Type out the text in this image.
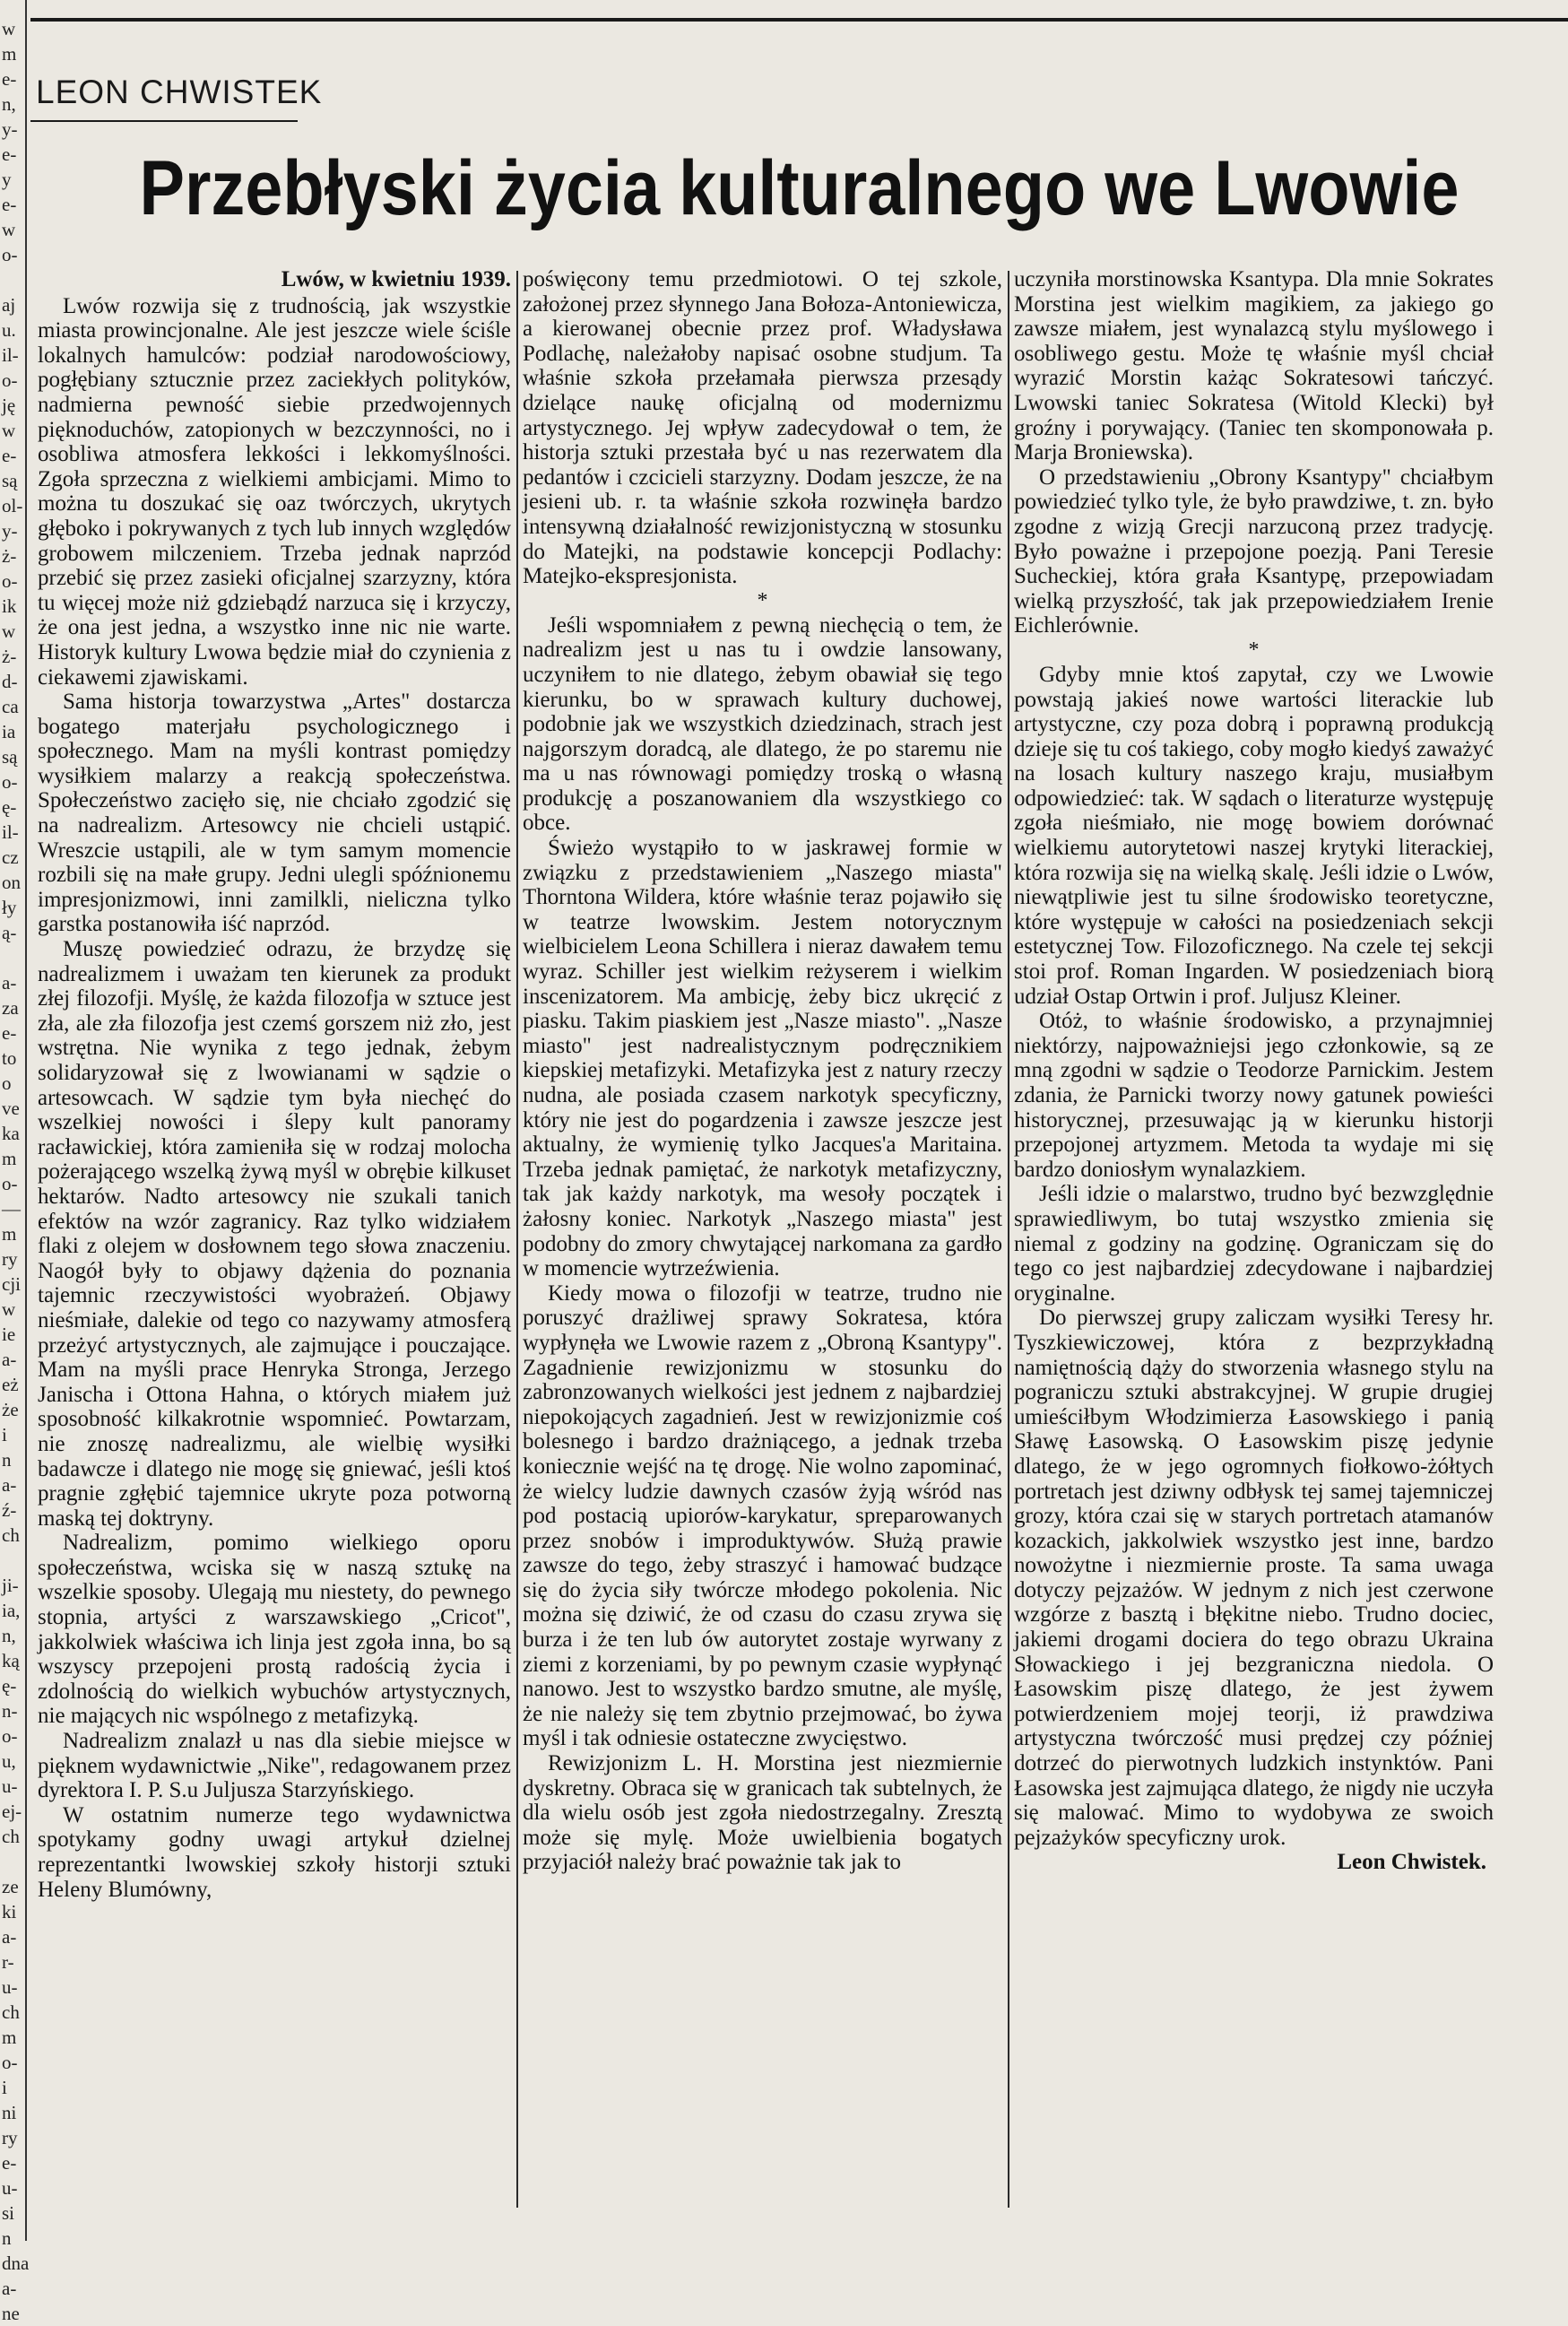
w
m
e-
n,
y-
e-
y
e-
w
o-

aj
u.
il-
o-
ję
w
e-
są
ol-
y-
ż-
o-
ik
w
ż-
d-
ca
ia
są
o-
ę-
il-
cz
on
ły
ą-

a-
za
e-
to
o
ve
ka
m
o-
—
m
ry
cji
w
ie
a-
eż
że
i
n
a-
ź-
ch

ji-
ia,
n,
ką
ę-
n-
o-
u,
u-
ej-
ch

ze
ki
a-
r-
u-
ch
m
o-
i
ni
ry
e-
u-
si
n
dna
a-
ne
LEON CHWISTEK
Przebłyski życia kulturalnego we Lwowie

Lwów, w kwietniu 1939.

Lwów rozwija się z trudnością, jak wszystkie miasta prowincjonalne. Ale jest jeszcze wiele ściśle lokalnych hamulców: podział narodowościowy, pogłębiany sztucznie przez zaciekłych polityków, nadmierna pewność siebie przedwojennych pięknoduchów, zatopionych w bezczynności, no i osobliwa atmosfera lekkości i lekkomyślności. Zgoła sprzeczna z wielkiemi ambicjami. Mimo to można tu doszukać się oaz twórczych, ukrytych głęboko i pokrywanych z tych lub innych względów grobowem milczeniem. Trzeba jednak naprzód przebić się przez zasieki oficjalnej szarzyzny, która tu więcej może niż gdziebądź narzuca się i krzyczy, że ona jest jedna, a wszystko inne nic nie warte. Historyk kultury Lwowa będzie miał do czynienia z ciekawemi zjawiskami.

Sama historja towarzystwa „Artes" dostarcza bogatego materjału psychologicznego i społecznego. Mam na myśli kontrast pomiędzy wysiłkiem malarzy a reakcją społeczeństwa. Społeczeństwo zacięło się, nie chciało zgodzić się na nadrealizm. Artesowcy nie chcieli ustąpić. Wreszcie ustąpili, ale w tym samym momencie rozbili się na małe grupy. Jedni ulegli spóźnionemu impresjonizmowi, inni zamilkli, nieliczna tylko garstka postanowiła iść naprzód.

Muszę powiedzieć odrazu, że brzydzę się nadrealizmem i uważam ten kierunek za produkt złej filozofji. Myślę, że każda filozofja w sztuce jest zła, ale zła filozofja jest czemś gorszem niż zło, jest wstrętna. Nie wynika z tego jednak, żebym solidaryzował się z lwowianami w sądzie o artesowcach. W sądzie tym była niechęć do wszelkiej nowości i ślepy kult panoramy racławickiej, która zamieniła się w rodzaj molocha pożerającego wszelką żywą myśl w obrębie kilkuset hektarów. Nadto artesowcy nie szukali tanich efektów na wzór zagranicy. Raz tylko widziałem flaki z olejem w dosłownem tego słowa znaczeniu. Naogół były to objawy dążenia do poznania tajemnic rzeczywistości wyobrażeń. Objawy nieśmiałe, dalekie od tego co nazywamy atmosferą przeżyć artystycznych, ale zajmujące i pouczające. Mam na myśli prace Henryka Stronga, Jerzego Janischa i Ottona Hahna, o których miałem już sposobność kilkakrotnie wspomnieć. Powtarzam, nie znoszę nadrealizmu, ale wielbię wysiłki badawcze i dlatego nie mogę się gniewać, jeśli ktoś pragnie zgłębić tajemnice ukryte poza potworną maską tej doktryny.

Nadrealizm, pomimo wielkiego oporu społeczeństwa, wciska się w naszą sztukę na wszelkie sposoby. Ulegają mu niestety, do pewnego stopnia, artyści z warszawskiego „Cricot", jakkolwiek właściwa ich linja jest zgoła inna, bo są wszyscy przepojeni prostą radością życia i zdolnością do wielkich wybuchów artystycznych, nie mających nic wspólnego z metafizyką.

Nadrealizm znalazł u nas dla siebie miejsce w pięknem wydawnictwie „Nike", redagowanem przez dyrektora I. P. S.u Juljusza Starzyńskiego.

W ostatnim numerze tego wydawnictwa spotykamy godny uwagi artykuł dzielnej reprezentantki lwowskiej szkoły historji sztuki Heleny Blumówny,

poświęcony temu przedmiotowi. O tej szkole, założonej przez słynnego Jana Bołoza-Antoniewicza, a kierowanej obecnie przez prof. Władysława Podlachę, należałoby napisać osobne studjum. Ta właśnie szkoła przełamała pierwsza przesądy dzielące naukę oficjalną od modernizmu artystycznego. Jej wpływ zadecydował o tem, że historja sztuki przestała być u nas rezerwatem dla pedantów i czcicieli starzyzny. Dodam jeszcze, że na jesieni ub. r. ta właśnie szkoła rozwinęła bardzo intensywną działalność rewizjonistyczną w stosunku do Matejki, na podstawie koncepcji Podlachy: Matejko-ekspresjonista.

*

Jeśli wspomniałem z pewną niechęcią o tem, że nadrealizm jest u nas tu i owdzie lansowany, uczyniłem to nie dlatego, żebym obawiał się tego kierunku, bo w sprawach kultury duchowej, podobnie jak we wszystkich dziedzinach, strach jest najgorszym doradcą, ale dlatego, że po staremu nie ma u nas równowagi pomiędzy troską o własną produkcję a poszanowaniem dla wszystkiego co obce.

Świeżo wystąpiło to w jaskrawej formie w związku z przedstawieniem „Naszego miasta" Thorntona Wildera, które właśnie teraz pojawiło się w teatrze lwowskim. Jestem notorycznym wielbicielem Leona Schillera i nieraz dawałem temu wyraz. Schiller jest wielkim reżyserem i wielkim inscenizatorem. Ma ambicję, żeby bicz ukręcić z piasku. Takim piaskiem jest „Nasze miasto". „Nasze miasto" jest nadrealistycznym podręcznikiem kiepskiej metafizyki. Metafizyka jest z natury rzeczy nudna, ale posiada czasem narkotyk specyficzny, który nie jest do pogardzenia i zawsze jeszcze jest aktualny, że wymienię tylko Jacques'a Maritaina. Trzeba jednak pamiętać, że narkotyk metafizyczny, tak jak każdy narkotyk, ma wesoły początek i żałosny koniec. Narkotyk „Naszego miasta" jest podobny do zmory chwytającej narkomana za gardło w momencie wytrzeźwienia.

Kiedy mowa o filozofji w teatrze, trudno nie poruszyć drażliwej sprawy Sokratesa, która wypłynęła we Lwowie razem z „Obroną Ksantypy". Zagadnienie rewizjonizmu w stosunku do zabronzowanych wielkości jest jednem z najbardziej niepokojących zagadnień. Jest w rewizjonizmie coś bolesnego i bardzo drażniącego, a jednak trzeba koniecznie wejść na tę drogę. Nie wolno zapominać, że wielcy ludzie dawnych czasów żyją wśród nas pod postacią upiorów-karykatur, spreparowanych przez snobów i improduktywów. Służą prawie zawsze do tego, żeby straszyć i hamować budzące się do życia siły twórcze młodego pokolenia. Nic można się dziwić, że od czasu do czasu zrywa się burza i że ten lub ów autorytet zostaje wyrwany z ziemi z korzeniami, by po pewnym czasie wypłynąć nanowo. Jest to wszystko bardzo smutne, ale myślę, że nie należy się tem zbytnio przejmować, bo żywa myśl i tak odniesie ostateczne zwycięstwo.

Rewizjonizm L. H. Morstina jest niezmiernie dyskretny. Obraca się w granicach tak subtelnych, że dla wielu osób jest zgoła niedostrzegalny. Zresztą może się mylę. Może uwielbienia bogatych przyjaciół należy brać poważnie tak jak to

uczyniła morstinowska Ksantypa. Dla mnie Sokrates Morstina jest wielkim magikiem, za jakiego go zawsze miałem, jest wynalazcą stylu myślowego i osobliwego gestu. Może tę właśnie myśl chciał wyrazić Morstin każąc Sokratesowi tańczyć. Lwowski taniec Sokratesa (Witold Klecki) był groźny i porywający. (Taniec ten skomponowała p. Marja Broniewska).

O przedstawieniu „Obrony Ksantypy" chciałbym powiedzieć tylko tyle, że było prawdziwe, t. zn. było zgodne z wizją Grecji narzuconą przez tradycję. Było poważne i przepojone poezją. Pani Teresie Sucheckiej, która grała Ksantypę, przepowiadam wielką przyszłość, tak jak przepowiedziałem Irenie Eichlerównie.

*

Gdyby mnie ktoś zapytał, czy we Lwowie powstają jakieś nowe wartości literackie lub artystyczne, czy poza dobrą i poprawną produkcją dzieje się tu coś takiego, coby mogło kiedyś zaważyć na losach kultury naszego kraju, musiałbym odpowiedzieć: tak. W sądach o literaturze występuję zgoła nieśmiało, nie mogę bowiem dorównać wielkiemu autorytetowi naszej krytyki literackiej, która rozwija się na wielką skalę. Jeśli idzie o Lwów, niewątpliwie jest tu silne środowisko teoretyczne, które występuje w całości na posiedzeniach sekcji estetycznej Tow. Filozoficznego. Na czele tej sekcji stoi prof. Roman Ingarden. W posiedzeniach biorą udział Ostap Ortwin i prof. Juljusz Kleiner.

Otóż, to właśnie środowisko, a przynajmniej niektórzy, najpoważniejsi jego członkowie, są ze mną zgodni w sądzie o Teodorze Parnickim. Jestem zdania, że Parnicki tworzy nowy gatunek powieści historycznej, przesuwając ją w kierunku historji przepojonej artyzmem. Metoda ta wydaje mi się bardzo doniosłym wynalazkiem.

Jeśli idzie o malarstwo, trudno być bezwzględnie sprawiedliwym, bo tutaj wszystko zmienia się niemal z godziny na godzinę. Ograniczam się do tego co jest najbardziej zdecydowane i najbardziej oryginalne.

Do pierwszej grupy zaliczam wysiłki Teresy hr. Tyszkiewiczowej, która z bezprzykładną namiętnością dąży do stworzenia własnego stylu na pograniczu sztuki abstrakcyjnej. W grupie drugiej umieściłbym Włodzimierza Łasowskiego i panią Sławę Łasowską. O Łasowskim piszę jedynie dlatego, że w jego ogromnych fiołkowo-żółtych portretach jest dziwny odbłysk tej samej tajemniczej grozy, która czai się w starych portretach atamanów kozackich, jakkolwiek wszystko jest inne, bardzo nowożytne i niezmiernie proste. Ta sama uwaga dotyczy pejzażów. W jednym z nich jest czerwone wzgórze z basztą i błękitne niebo. Trudno dociec, jakiemi drogami dociera do tego obrazu Ukraina Słowackiego i jej bezgraniczna niedola. O Łasowskim piszę dlatego, że jest żywem potwierdzeniem mojej teorji, iż prawdziwa artystyczna twórczość musi prędzej czy później dotrzeć do pierwotnych ludzkich instynktów. Pani Łasowska jest zajmująca dlatego, że nigdy nie uczyła się malować. Mimo to wydobywa ze swoich pejzażyków specyficzny urok.

Leon Chwistek.
